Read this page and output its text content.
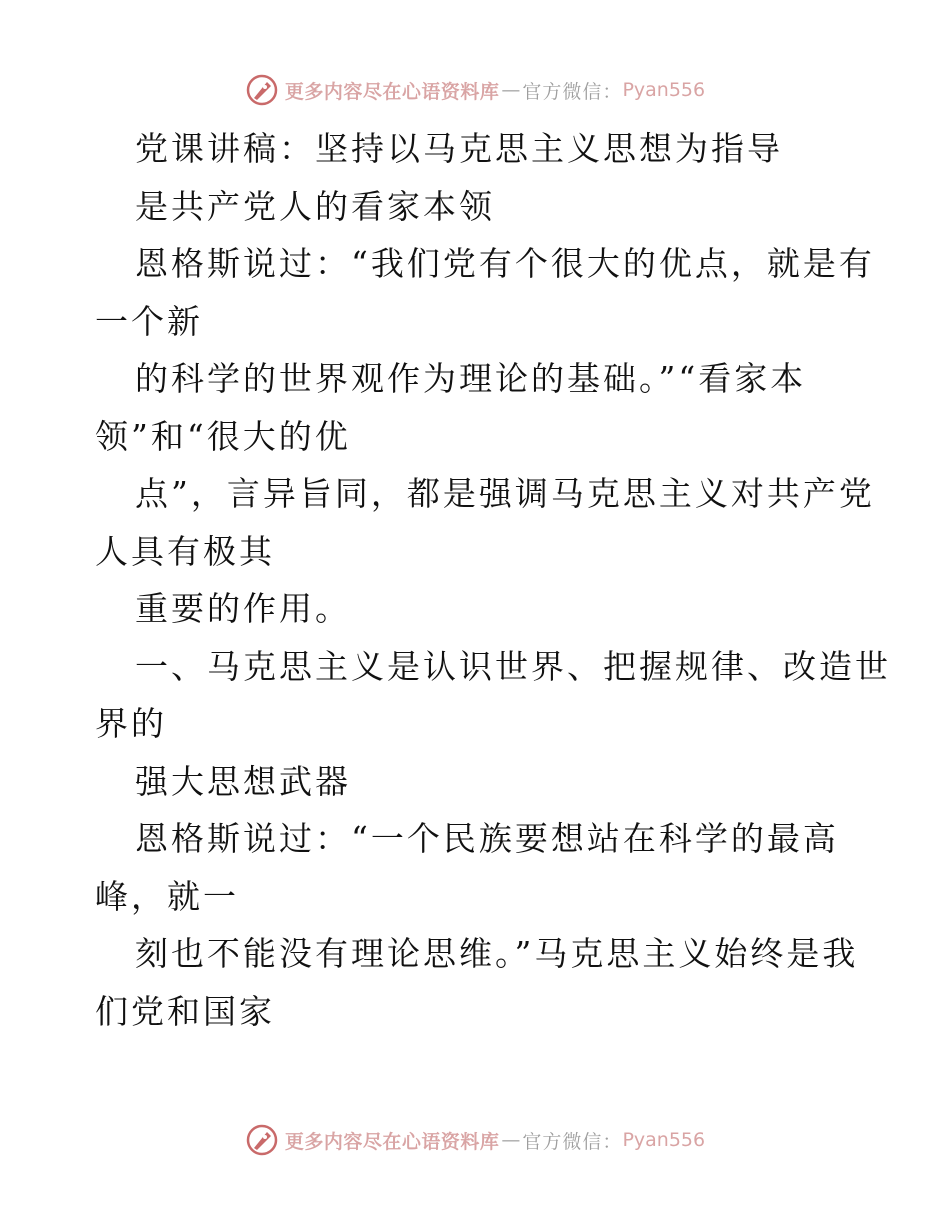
更多内容尽在心语资料库 — 官方微信： Pyan556
党课讲稿：坚持以马克思主义思想为指导
是共产党人的看家本领
恩格斯说过：“我们党有个很大的优点，就是有
一个新
的科学的世界观作为理论的基础。”“看家本
领”和“很大的优
点”，言异旨同，都是强调马克思主义对共产党
人具有极其
重要的作用。
一、马克思主义是认识世界、把握规律、改造世
界的
强大思想武器
恩格斯说过：“一个民族要想站在科学的最高
峰，就一
刻也不能没有理论思维。”马克思主义始终是我
们党和国家
更多内容尽在心语资料库 — 官方微信： Pyan556
